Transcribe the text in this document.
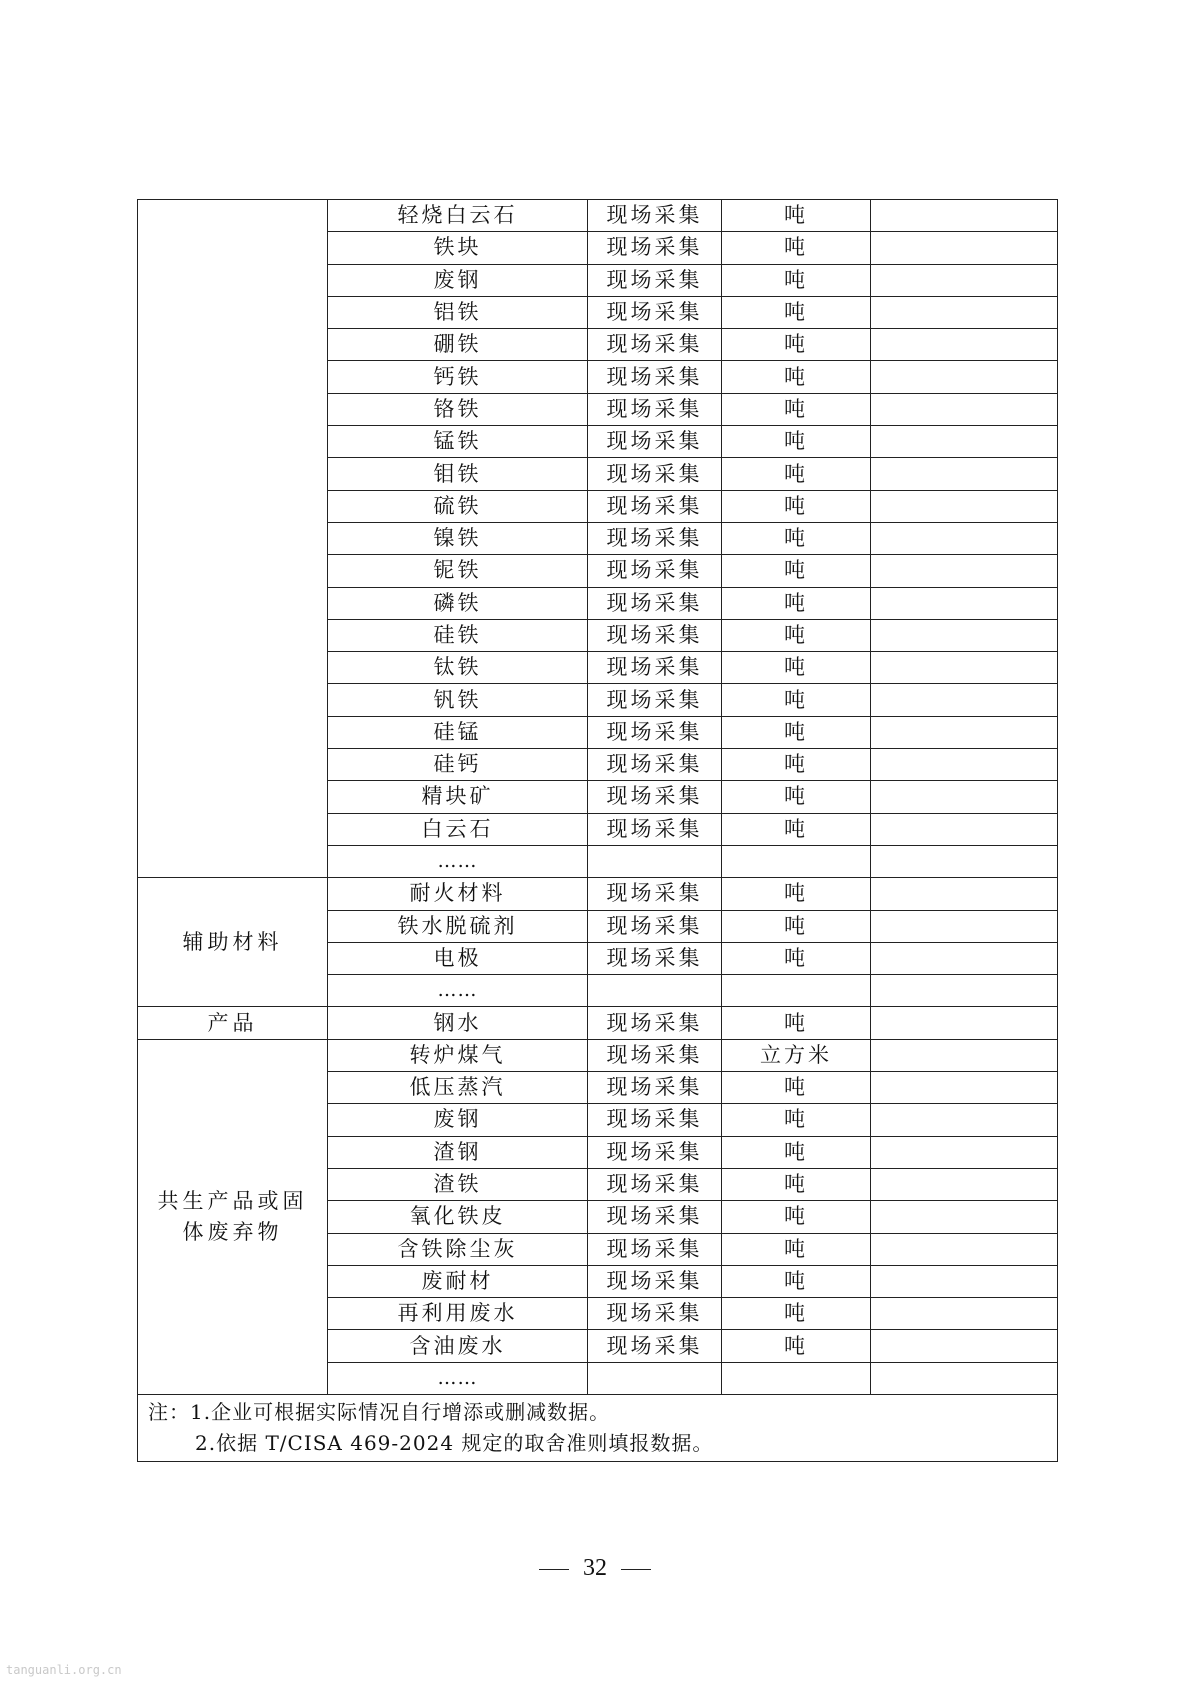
	轻烧白云石	现场采集	吨	
	铁块	现场采集	吨	
	废钢	现场采集	吨	
	铝铁	现场采集	吨	
	硼铁	现场采集	吨	
	钙铁	现场采集	吨	
	铬铁	现场采集	吨	
	锰铁	现场采集	吨	
	钼铁	现场采集	吨	
	硫铁	现场采集	吨	
	镍铁	现场采集	吨	
	铌铁	现场采集	吨	
	磷铁	现场采集	吨	
	硅铁	现场采集	吨	
	钛铁	现场采集	吨	
	钒铁	现场采集	吨	
	硅锰	现场采集	吨	
	硅钙	现场采集	吨	
	精块矿	现场采集	吨	
	白云石	现场采集	吨	
	……			
辅助材料	耐火材料	现场采集	吨	
	铁水脱硫剂	现场采集	吨	
	电极	现场采集	吨	
	……			
产品	钢水	现场采集	吨	

共生产品或固
体废弃物	转炉煤气	现场采集	立方米	
	低压蒸汽	现场采集	吨	
	废钢	现场采集	吨	
	渣钢	现场采集	吨	
	渣铁	现场采集	吨	
	氧化铁皮	现场采集	吨	
	含铁除尘灰	现场采集	吨	
	废耐材	现场采集	吨	
	再利用废水	现场采集	吨	
	含油废水	现场采集	吨	
	……			

注：1.企业可根据实际情况自行增添或删减数据。
2.依据 T/CISA 469-2024 规定的取舍准则填报数据。				
32
tanguanli.org.cn
